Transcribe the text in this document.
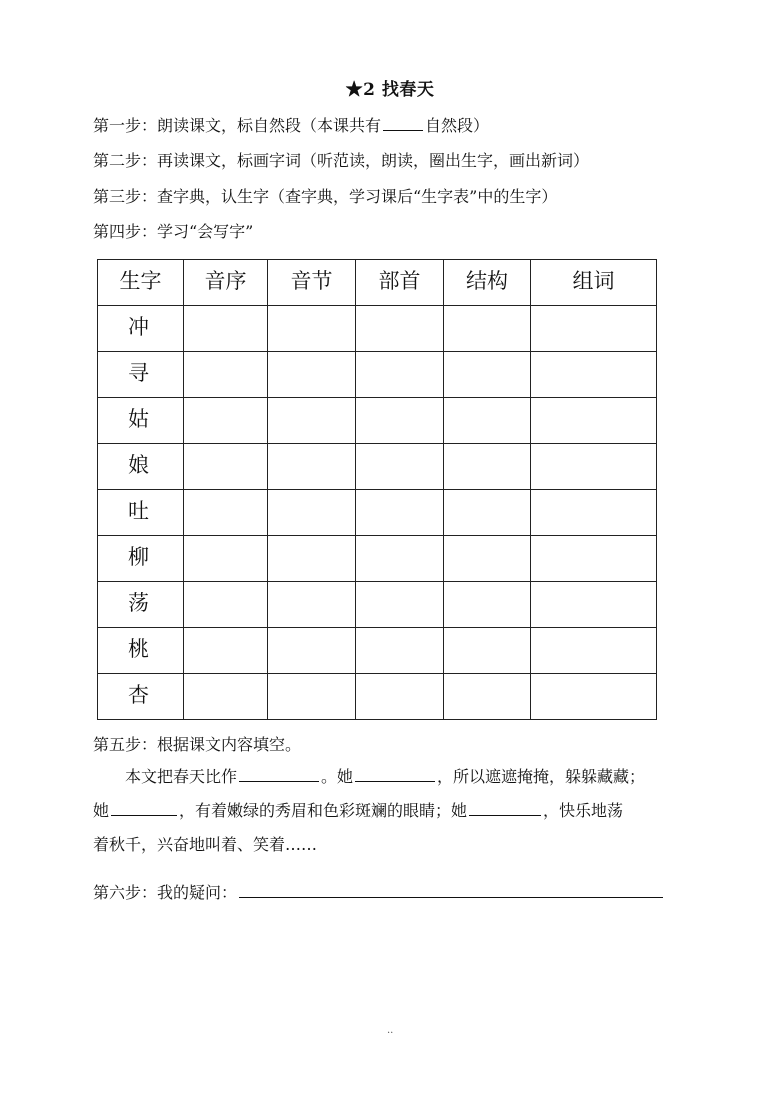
★2 找春天
第一步：朗读课文，标自然段（本课共有	自然段）
第二步：再读课文，标画字词（听范读，朗读，圈出生字，画出新词）
第三步：查字典，认生字（查字典，学习课后“生字表”中的生字）
第四步：学习“会写字”
生字	音序	音节	部首	结构	组词

冲					

寻					

姑					

娘					

吐					

柳					

荡					

桃					

杏					

第五步：根据课文内容填空。
本文把春天比作	。她	，所以遮遮掩掩，躲躲藏藏；
她	，有着嫩绿的秀眉和色彩斑斓的眼睛；她	，快乐地荡
着秋千，兴奋地叫着、笑着……
第六步：我的疑问：
..
